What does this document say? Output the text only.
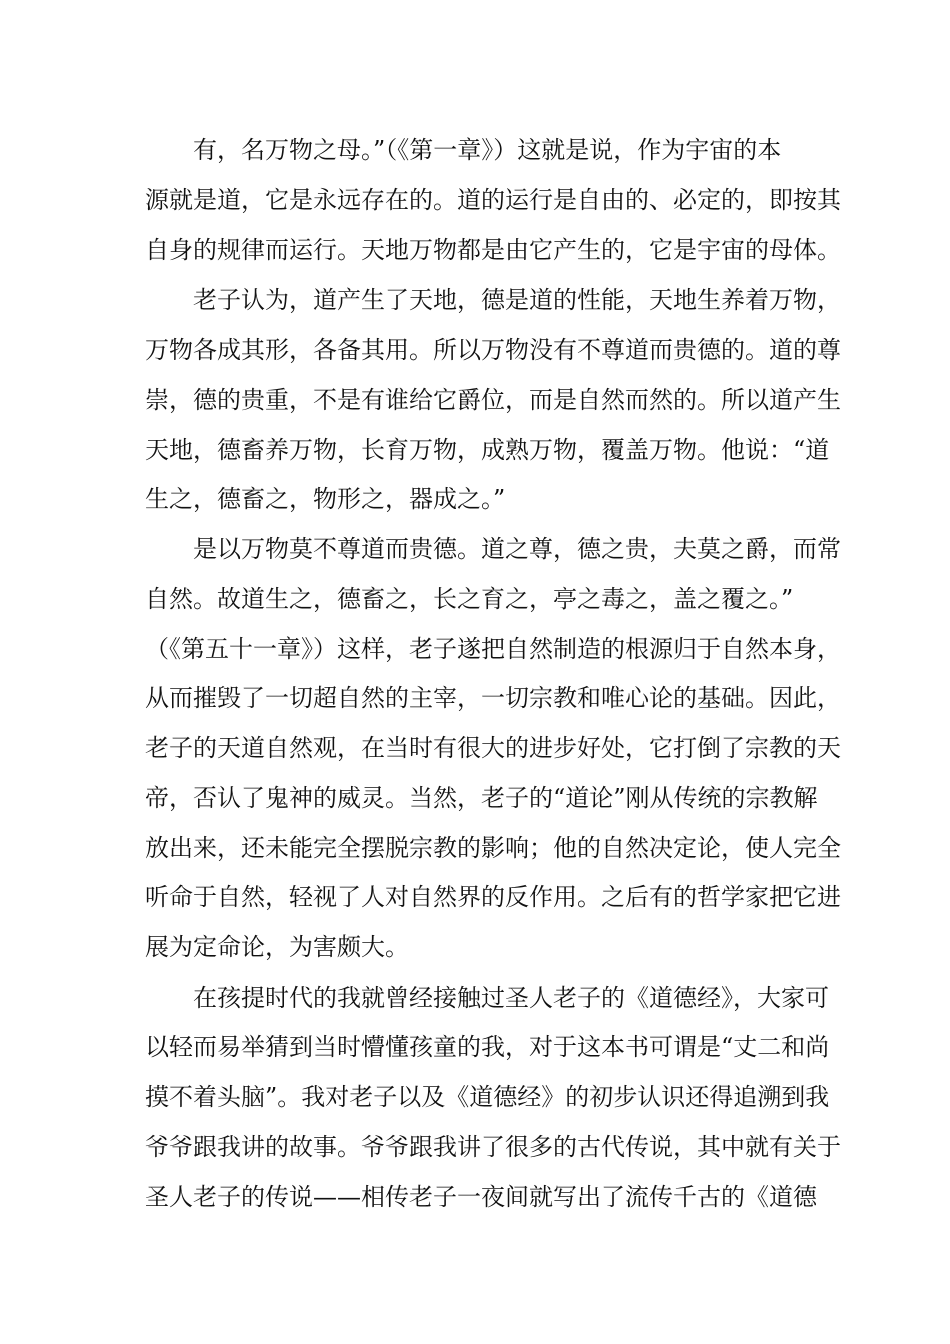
有，名万物之母。”（《第一章》）这就是说，作为宇宙的本
源就是道，它是永远存在的。道的运行是自由的、必定的，即按其
自身的规律而运行。天地万物都是由它产生的，它是宇宙的母体。
老子认为，道产生了天地，德是道的性能，天地生养着万物，
万物各成其形，各备其用。所以万物没有不尊道而贵德的。道的尊
崇，德的贵重，不是有谁给它爵位，而是自然而然的。所以道产生
天地，德畜养万物，长育万物，成熟万物，覆盖万物。他说：“道
生之，德畜之，物形之，器成之。”
是以万物莫不尊道而贵德。道之尊，德之贵，夫莫之爵，而常
自然。故道生之，德畜之，长之育之，亭之毒之，盖之覆之。”
（《第五十一章》）这样，老子遂把自然制造的根源归于自然本身，
从而摧毁了一切超自然的主宰，一切宗教和唯心论的基础。因此，
老子的天道自然观，在当时有很大的进步好处，它打倒了宗教的天
帝，否认了鬼神的威灵。当然，老子的“道论”刚从传统的宗教解
放出来，还未能完全摆脱宗教的影响；他的自然决定论，使人完全
听命于自然，轻视了人对自然界的反作用。之后有的哲学家把它进
展为定命论，为害颇大。
在孩提时代的我就曾经接触过圣人老子的《道德经》，大家可
以轻而易举猜到当时懵懂孩童的我，对于这本书可谓是“丈二和尚
摸不着头脑”。我对老子以及《道德经》的初步认识还得追溯到我
爷爷跟我讲的故事。爷爷跟我讲了很多的古代传说，其中就有关于
圣人老子的传说——相传老子一夜间就写出了流传千古的《道德
